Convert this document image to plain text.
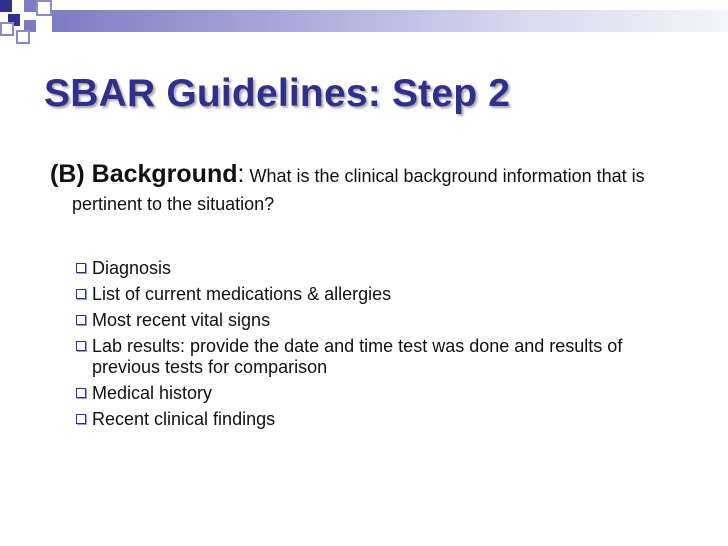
SBAR Guidelines: Step 2

(B) Background: What is the clinical background information that is pertinent to the situation?

Diagnosis
List of current medications & allergies
Most recent vital signs
Lab results: provide the date and time test was done and results of previous tests for comparison
Medical history
Recent clinical findings
